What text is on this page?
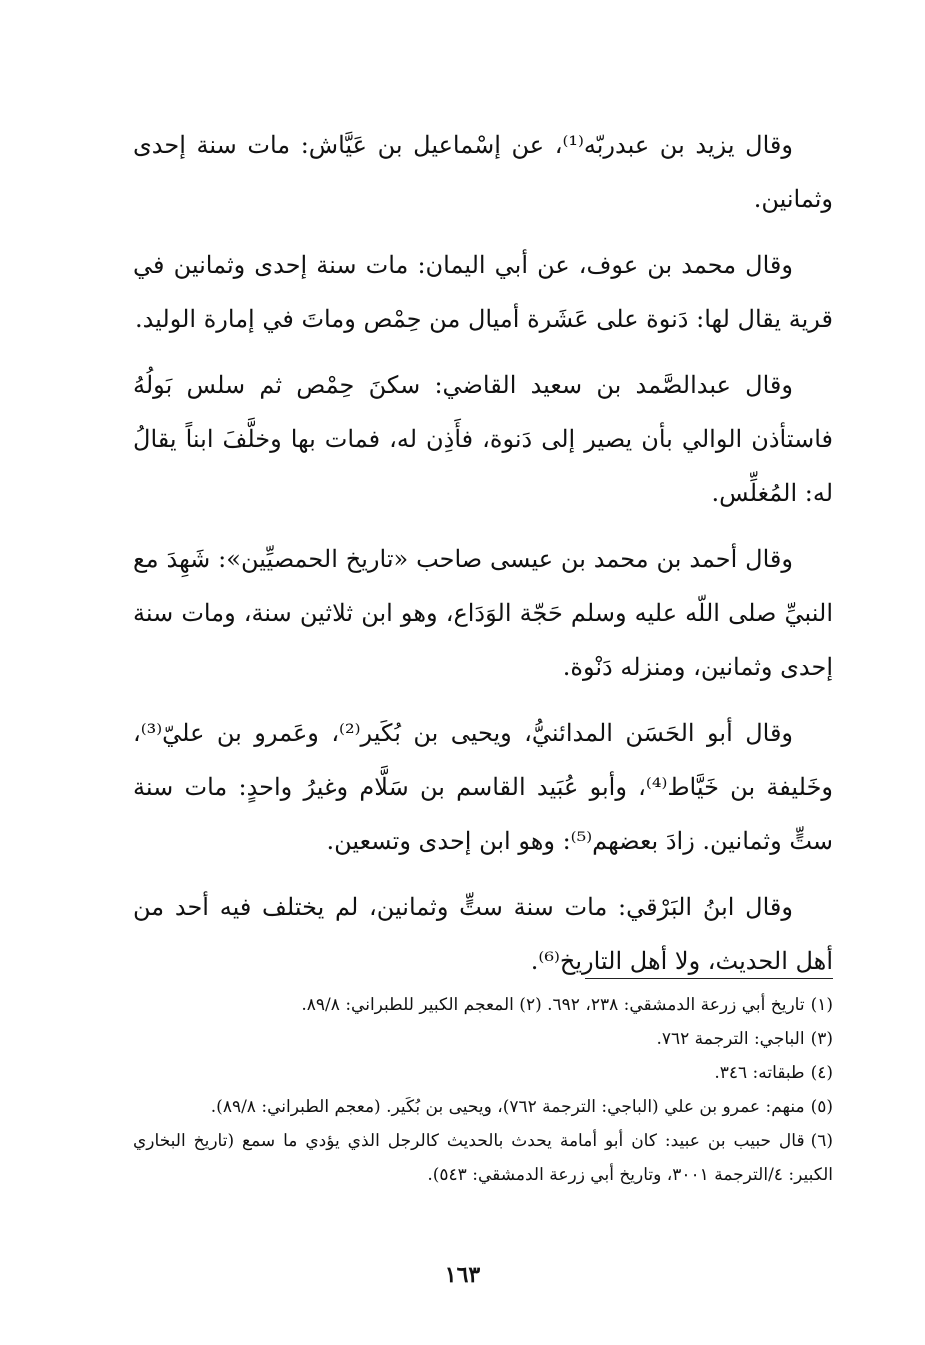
وقال يزيد بن عبدربّه⁽¹⁾، عن إسْماعيل بن عَيَّاش: مات سنة إحدى وثمانين.

وقال محمد بن عوف، عن أبي اليمان: مات سنة إحدى وثمانين في قرية يقال لها: دَنوة على عَشَرة أميال من حِمْص وماتَ في إمارة الوليد.

وقال عبدالصَّمد بن سعيد القاضي: سكنَ حِمْص ثم سلس بَولُهُ فاستأذن الوالي بأن يصير إلى دَنوة، فأَذِن له، فمات بها وخلَّفَ ابناً يقالُ له: المُغلِّس.

وقال أحمد بن محمد بن عيسى صاحب «تاريخ الحمصيِّين»: شَهِدَ مع النبيِّ صلى اللّه عليه وسلم حَجّة الوَدَاع، وهو ابن ثلاثين سنة، ومات سنة إحدى وثمانين، ومنزله دَنْوة.

وقال أبو الحَسَن المدائنيُّ، ويحيى بن بُكَير⁽²⁾، وعَمرو بن عليّ⁽³⁾، وخَليفة بن خَيَّاط⁽⁴⁾، وأبو عُبَيد القاسم بن سَلَّام وغيرُ واحدٍ: مات سنة ستٍّ وثمانين. زادَ بعضهم⁽⁵⁾: وهو ابن إحدى وتسعين.

وقال ابنُ البَرْقي: مات سنة ستٍّ وثمانين، لم يختلف فيه أحد من أهل الحديث، ولا أهل التاريخ⁽⁶⁾.

(١)تاريخ أبي زرعة الدمشقي: ٢٣٨، ٦٩٢. (٢) المعجم الكبير للطبراني: ٨٩/٨.

(٣)الباجي: الترجمة ٧٦٢.

(٤)طبقاته: ٣٤٦.

(٥)منهم: عمرو بن علي (الباجي: الترجمة ٧٦٢)، ويحيى بن بُكَير. (معجم الطبراني: ٨٩/٨).

(٦)قال حبيب بن عبيد: كان أبو أمامة يحدث بالحديث كالرجل الذي يؤدي ما سمع (تاريخ البخاري الكبير: ٤/الترجمة ٣٠٠١، وتاريخ أبي زرعة الدمشقي: ٥٤٣).

١٦٣
